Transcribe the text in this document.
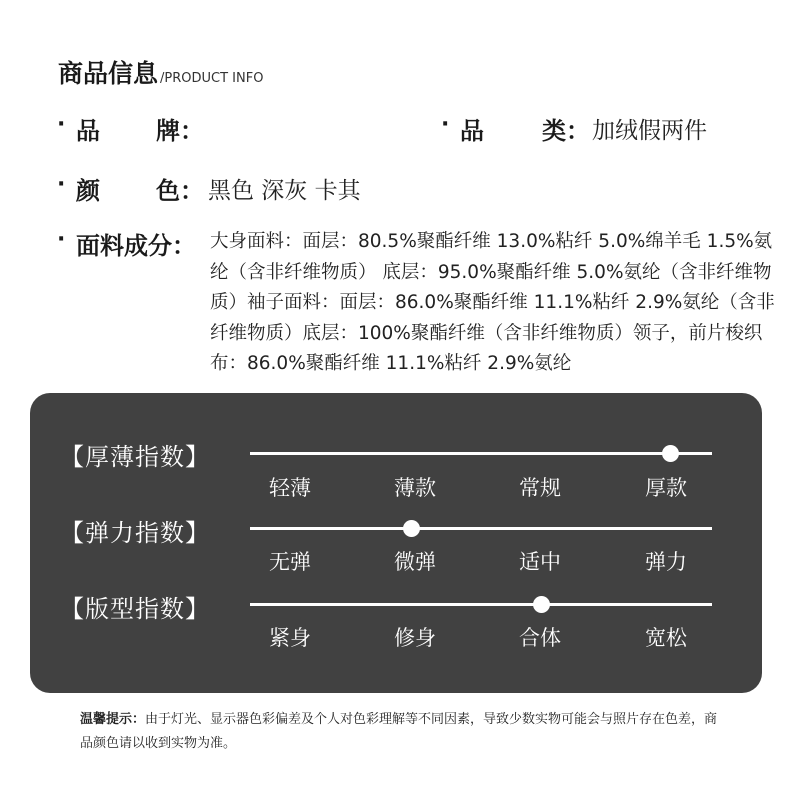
商品信息 /PRODUCT INFO
· 品 牌：	· 品 类： 加绒假两件
· 颜 色： 黑色 深灰 卡其
· 面料成分： 大身面料：面层：80.5%聚酯纤维 13.0%粘纤 5.0%绵羊毛 1.5%氨纶（含非纤维物质） 底层：95.0%聚酯纤维 5.0%氨纶（含非纤维物质）袖子面料：面层：86.0%聚酯纤维 11.1%粘纤 2.9%氨纶（含非纤维物质）底层：100%聚酯纤维（含非纤维物质）领子，前片梭织布：86.0%聚酯纤维 11.1%粘纤 2.9%氨纶
【厚薄指数】
轻薄	薄款	常规	厚款
【弹力指数】
无弹	微弹	适中	弹力
【版型指数】
紧身	修身	合体	宽松
温馨提示：由于灯光、显示器色彩偏差及个人对色彩理解等不同因素，导致少数实物可能会与照片存在色差，商品颜色请以收到实物为准。
